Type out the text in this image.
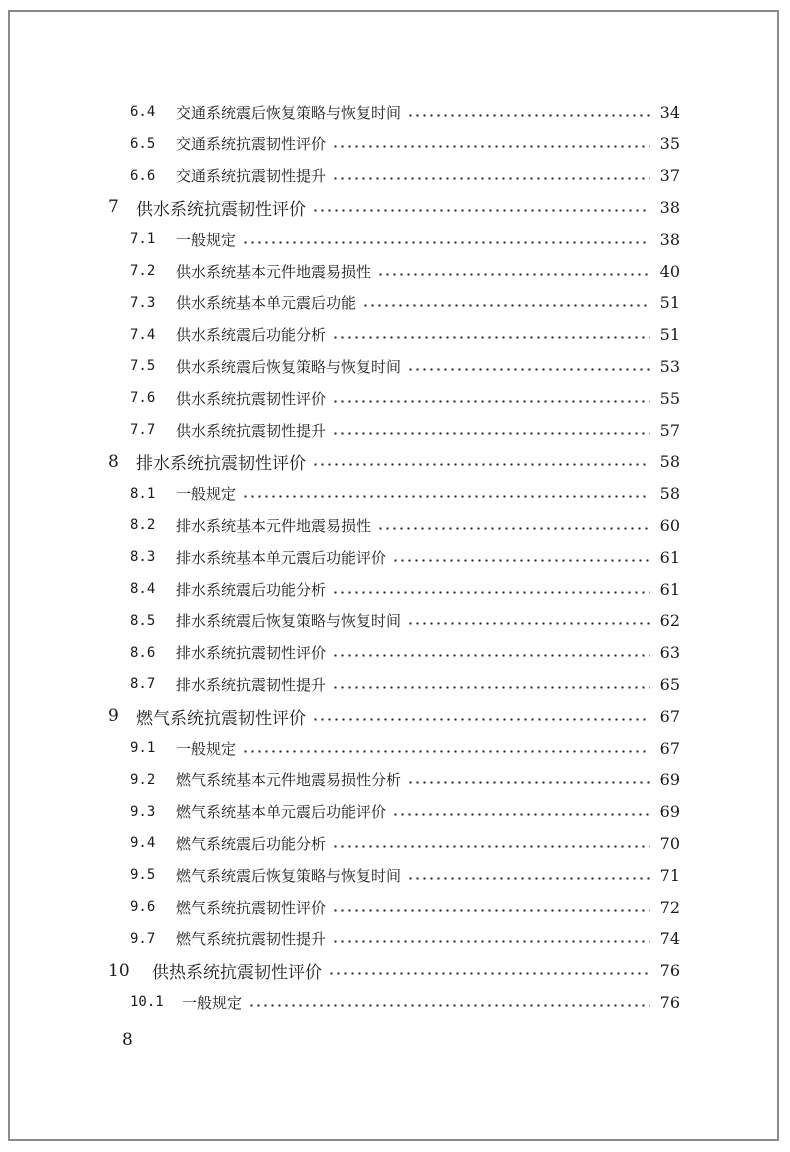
6.4	交通系统震后恢复策略与恢复时间	34
6.5	交通系统抗震韧性评价	35
6.6	交通系统抗震韧性提升	37
7	供水系统抗震韧性评价	38
7.1	一般规定	38
7.2	供水系统基本元件地震易损性	40
7.3	供水系统基本单元震后功能	51
7.4	供水系统震后功能分析	51
7.5	供水系统震后恢复策略与恢复时间	53
7.6	供水系统抗震韧性评价	55
7.7	供水系统抗震韧性提升	57
8	排水系统抗震韧性评价	58
8.1	一般规定	58
8.2	排水系统基本元件地震易损性	60
8.3	排水系统基本单元震后功能评价	61
8.4	排水系统震后功能分析	61
8.5	排水系统震后恢复策略与恢复时间	62
8.6	排水系统抗震韧性评价	63
8.7	排水系统抗震韧性提升	65
9	燃气系统抗震韧性评价	67
9.1	一般规定	67
9.2	燃气系统基本元件地震易损性分析	69
9.3	燃气系统基本单元震后功能评价	69
9.4	燃气系统震后功能分析	70
9.5	燃气系统震后恢复策略与恢复时间	71
9.6	燃气系统抗震韧性评价	72
9.7	燃气系统抗震韧性提升	74
10	供热系统抗震韧性评价	76
10.1	一般规定	76
8
